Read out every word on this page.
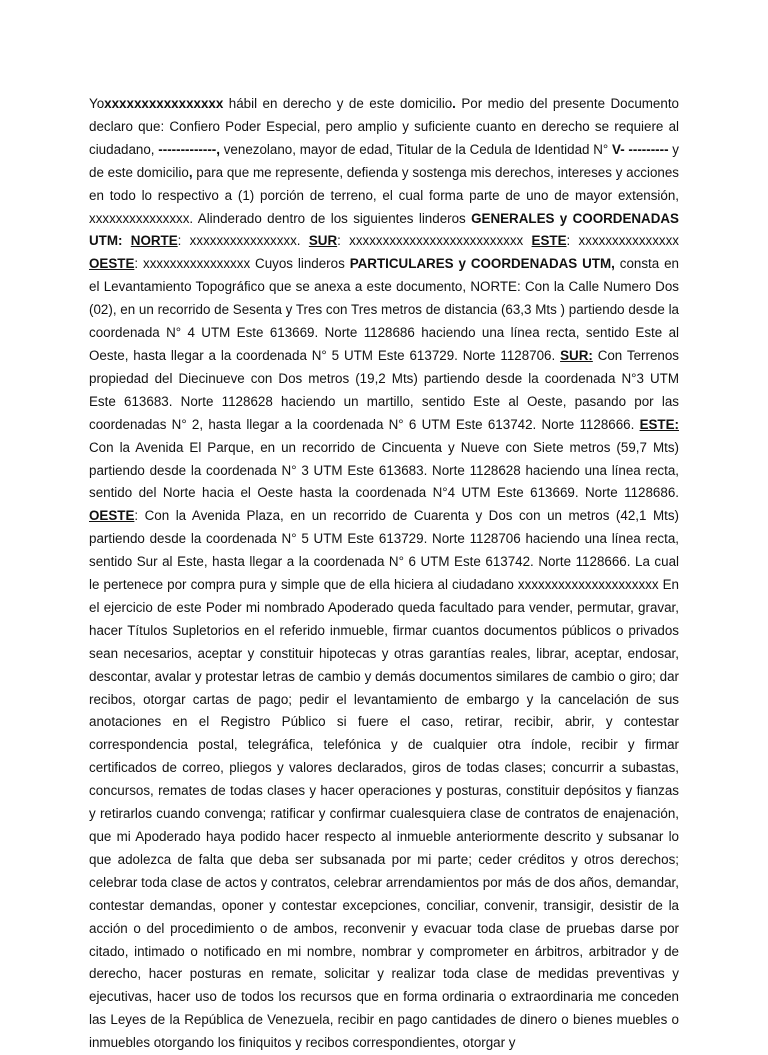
Yoxxxxxxxxxxxxxxxx hábil en derecho y de este domicilio. Por medio del presente Documento declaro que: Confiero Poder Especial, pero amplio y suficiente cuanto en derecho se requiere al ciudadano, -------------, venezolano, mayor de edad, Titular de la Cedula de Identidad N° V- --------- y de este domicilio, para que me represente, defienda y sostenga mis derechos, intereses y acciones en todo lo respectivo a (1) porción de terreno, el cual forma parte de uno de mayor extensión, xxxxxxxxxxxxxxx. Alinderado dentro de los siguientes linderos GENERALES y COORDENADAS UTM: NORTE: xxxxxxxxxxxxxxxx. SUR: xxxxxxxxxxxxxxxxxxxxxxxxxx ESTE: xxxxxxxxxxxxxxx OESTE: xxxxxxxxxxxxxxxx Cuyos linderos PARTICULARES y COORDENADAS UTM, consta en el Levantamiento Topográfico que se anexa a este documento, NORTE: Con la Calle Numero Dos (02), en un recorrido de Sesenta y Tres con Tres metros de distancia (63,3 Mts ) partiendo desde la coordenada N° 4 UTM Este 613669. Norte 1128686 haciendo una línea recta, sentido Este al Oeste, hasta llegar a la coordenada N° 5 UTM Este 613729. Norte 1128706. SUR: Con Terrenos propiedad del Diecinueve con Dos metros (19,2 Mts) partiendo desde la coordenada N°3 UTM Este 613683. Norte 1128628 haciendo un martillo, sentido Este al Oeste, pasando por las coordenadas N° 2, hasta llegar a la coordenada N° 6 UTM Este 613742. Norte 1128666. ESTE: Con la Avenida El Parque, en un recorrido de Cincuenta y Nueve con Siete metros (59,7 Mts) partiendo desde la coordenada N° 3 UTM Este 613683. Norte 1128628 haciendo una línea recta, sentido del Norte hacia el Oeste hasta la coordenada N°4 UTM Este 613669. Norte 1128686. OESTE: Con la Avenida Plaza, en un recorrido de Cuarenta y Dos con un metros (42,1 Mts) partiendo desde la coordenada N° 5 UTM Este 613729. Norte 1128706 haciendo una línea recta, sentido Sur al Este, hasta llegar a la coordenada N° 6 UTM Este 613742. Norte 1128666. La cual le pertenece por compra pura y simple que de ella hiciera al ciudadano xxxxxxxxxxxxxxxxxxxxx En el ejercicio de este Poder mi nombrado Apoderado queda facultado para vender, permutar, gravar, hacer Títulos Supletorios en el referido inmueble, firmar cuantos documentos públicos o privados sean necesarios, aceptar y constituir hipotecas y otras garantías reales, librar, aceptar, endosar, descontar, avalar y protestar letras de cambio y demás documentos similares de cambio o giro; dar recibos, otorgar cartas de pago; pedir el levantamiento de embargo y la cancelación de sus anotaciones en el Registro Público si fuere el caso, retirar, recibir, abrir, y contestar correspondencia postal, telegráfica, telefónica y de cualquier otra índole, recibir y firmar certificados de correo, pliegos y valores declarados, giros de todas clases; concurrir a subastas, concursos, remates de todas clases y hacer operaciones y posturas, constituir depósitos y fianzas y retirarlos cuando convenga; ratificar y confirmar cualesquiera clase de contratos de enajenación, que mi Apoderado haya podido hacer respecto al inmueble anteriormente descrito y subsanar lo que adolezca de falta que deba ser subsanada por mi parte; ceder créditos y otros derechos; celebrar toda clase de actos y contratos, celebrar arrendamientos por más de dos años, demandar, contestar demandas, oponer y contestar excepciones, conciliar, convenir, transigir, desistir de la acción o del procedimiento o de ambos, reconvenir y evacuar toda clase de pruebas darse por citado, intimado o notificado en mi nombre, nombrar y comprometer en árbitros, arbitrador y de derecho, hacer posturas en remate, solicitar y realizar toda clase de medidas preventivas y ejecutivas, hacer uso de todos los recursos que en forma ordinaria o extraordinaria me conceden las Leyes de la República de Venezuela, recibir en pago cantidades de dinero o bienes muebles o inmuebles otorgando los finiquitos y recibos correspondientes, otorgar y
